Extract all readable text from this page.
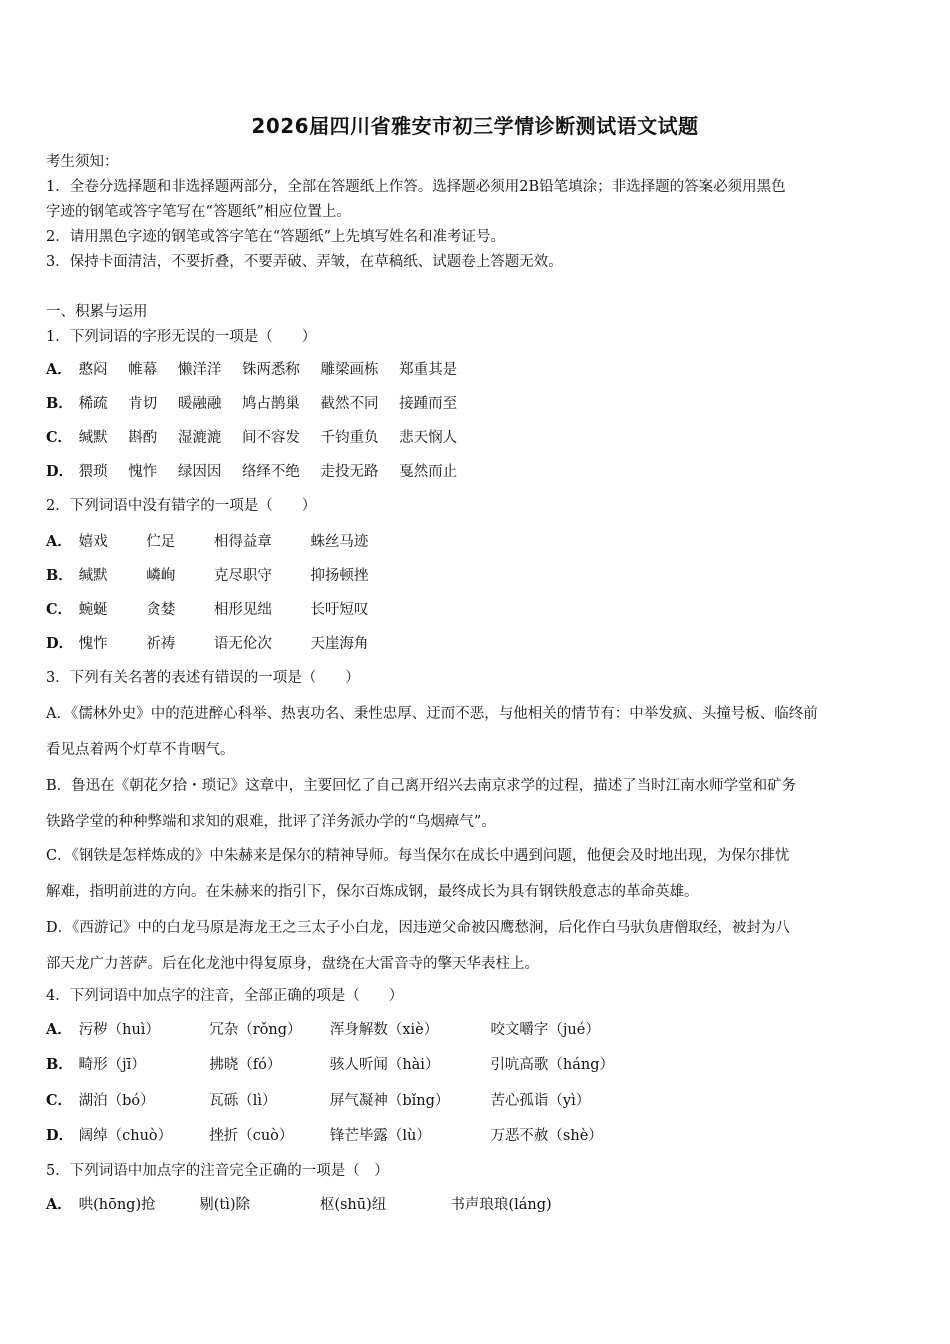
2026届四川省雅安市初三学情诊断测试语文试题
考生须知：
1．全卷分选择题和非选择题两部分，全部在答题纸上作答。选择题必须用2B铅笔填涂；非选择题的答案必须用黑色
字迹的钢笔或答字笔写在“答题纸”相应位置上。
2．请用黑色字迹的钢笔或答字笔在“答题纸”上先填写姓名和准考证号。
3．保持卡面清洁，不要折叠，不要弄破、弄皱，在草稿纸、试题卷上答题无效。
一、积累与运用
1．下列词语的字形无误的一项是（　　）
A． 憨闷 帷幕 懒洋洋 铢两悉称 雕梁画栋 郑重其是
B． 稀疏 肯切 暖融融 鸠占鹊巢 截然不同 接踵而至
C． 缄默 斟酌 湿漉漉 间不容发 千钧重负 悲天悯人
D． 猥琐 愧怍 绿因因 络绎不绝 走投无路 戛然而止
2．下列词语中没有错字的一项是（　　）
A． 嬉戏	伫足	相得益章	蛛丝马迹
B． 缄默	嶙峋	克尽职守	抑扬顿挫
C． 蜿蜒	贪婪	相形见绌	长吁短叹
D． 愧怍	祈祷	语无伦次	天崖海角
3．下列有关名著的表述有错误的一项是（　　）
A．《儒林外史》中的范进醉心科举、热衷功名、秉性忠厚、迂而不恶，与他相关的情节有：中举发疯、头撞号板、临终前
看见点着两个灯草不肯咽气。
B．鲁迅在《朝花夕拾・琐记》这章中，主要回忆了自己离开绍兴去南京求学的过程，描述了当时江南水师学堂和矿务
铁路学堂的种种弊端和求知的艰难，批评了洋务派办学的“乌烟瘴气”。
C．《钢铁是怎样炼成的》中朱赫来是保尔的精神导师。每当保尔在成长中遇到问题，他便会及时地出现，为保尔排忧
解难，指明前进的方向。在朱赫来的指引下，保尔百炼成钢，最终成长为具有钢铁般意志的革命英雄。
D．《西游记》中的白龙马原是海龙王之三太子小白龙，因违逆父命被囚鹰愁涧，后化作白马驮负唐僧取经，被封为八
部天龙广力菩萨。后在化龙池中得复原身，盘绕在大雷音寺的擎天华表柱上。
4．下列词语中加点字的注音，全部正确的项是（　　）
A． 污秽（huì）	冗杂（rǒng） 浑身解数（xiè）	咬文嚼字（jué）
B． 畸形（jī）	拂晓（fó）	骇人听闻（hài）	引吭高歌（háng）
C． 湖泊（bó）	瓦砾（lì）	屏气凝神（bǐng）	苦心孤诣（yì）
D． 阔绰（chuò）	挫折（cuò）	锋芒毕露（lù）	万恶不赦（shè）
5．下列词语中加点字的注音完全正确的一项是（　）
A． 哄(hōng)抢	剔(tì)除	枢(shū)纽	书声琅琅(láng)
